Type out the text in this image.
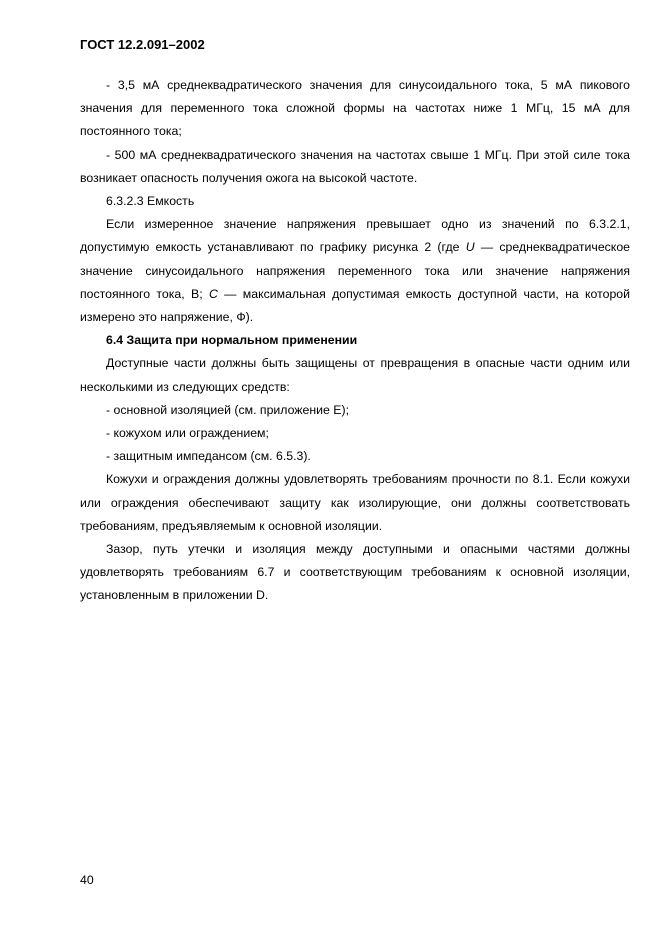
ГОСТ 12.2.091–2002
- 3,5 мА среднеквадратического значения для синусоидального тока, 5 мА пикового значения для переменного тока сложной формы на частотах ниже 1 МГц, 15 мА для постоянного тока;
- 500 мА среднеквадратического значения на частотах свыше 1 МГц. При этой силе тока возникает опасность получения ожога на высокой частоте.
6.3.2.3 Емкость
Если измеренное значение напряжения превышает одно из значений по 6.3.2.1, допустимую емкость устанавливают по графику рисунка 2 (где U — среднеквадратическое значение синусоидального напряжения переменного тока или значение напряжения постоянного тока, В; C — максимальная допустимая емкость доступной части, на которой измерено это напряжение, Ф).
6.4 Защита при нормальном применении
Доступные части должны быть защищены от превращения в опасные части одним или несколькими из следующих средств:
- основной изоляцией (см. приложение Е);
- кожухом или ограждением;
- защитным импедансом (см. 6.5.3).
Кожухи и ограждения должны удовлетворять требованиям прочности по 8.1. Если кожухи или ограждения обеспечивают защиту как изолирующие, они должны соответствовать требованиям, предъявляемым к основной изоляции.
Зазор, путь утечки и изоляция между доступными и опасными частями должны удовлетворять требованиям 6.7 и соответствующим требованиям к основной изоляции, установленным в приложении D.
40
